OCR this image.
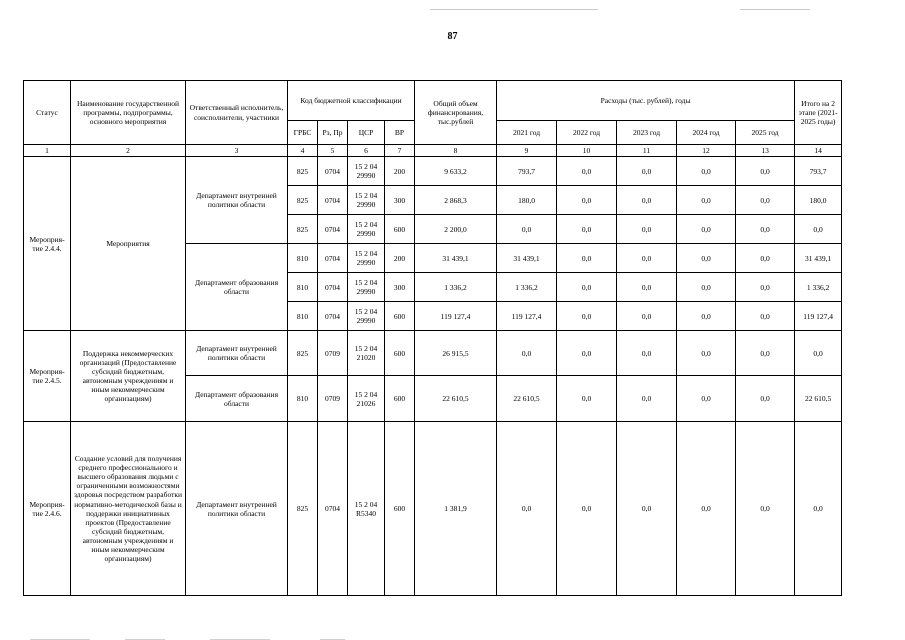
87
Статус	Наименование государственной программы, подпрограммы, основного мероприятия	Ответственный исполнитель, соисполнители, участники	Код бюджетной классификации				Общий объем финансирования, тыс.рублей	Расходы (тыс. рублей), годы					Итого на 2 этапе (2021-2025 годы)
			ГРБС	Рз, Пр	ЦСР	ВР		2021 год	2022 год	2023 год	2024 год	2025 год	
1	2	3	4	5	6	7	8	9	10	11	12	13	14
Мероприя-тие 2.4.4.	Мероприятия	Департамент внутренней политики области	825	0704	15 2 04 29990	200	9 633,2	793,7	0,0	0,0	0,0	0,0	793,7
			825	0704	15 2 04 29990	300	2 868,3	180,0	0,0	0,0	0,0	0,0	180,0
			825	0704	15 2 04 29990	600	2 200,0	0,0	0,0	0,0	0,0	0,0	0,0
		Департамент образования области	810	0704	15 2 04 29990	200	31 439,1	31 439,1	0,0	0,0	0,0	0,0	31 439,1
			810	0704	15 2 04 29990	300	1 336,2	1 336,2	0,0	0,0	0,0	0,0	1 336,2
			810	0704	15 2 04 29990	600	119 127,4	119 127,4	0,0	0,0	0,0	0,0	119 127,4
Мероприя-тие 2.4.5.	Поддержка некоммерческих организаций (Предоставление субсидий бюджетным, автономным учреждениям и иным некоммерческим организациям)	Департамент внутренней политики области	825	0709	15 2 04 21020	600	26 915,5	0,0	0,0	0,0	0,0	0,0	0,0
		Департамент образования области	810	0709	15 2 04 21026	600	22 610,5	22 610,5	0,0	0,0	0,0	0,0	22 610,5
Мероприя-тие 2.4.6.	Создание условий для получения среднего профессионального и высшего образования людьми с ограниченными возможностями здоровья посредством разработки нормативно-методической базы и поддержки инициативных проектов (Предоставление субсидий бюджетным, автономным учреждениям и иным некоммерческим организациям)	Департамент внутренней политики области	825	0704	15 2 04 R5340	600	1 381,9	0,0	0,0	0,0	0,0	0,0	0,0
